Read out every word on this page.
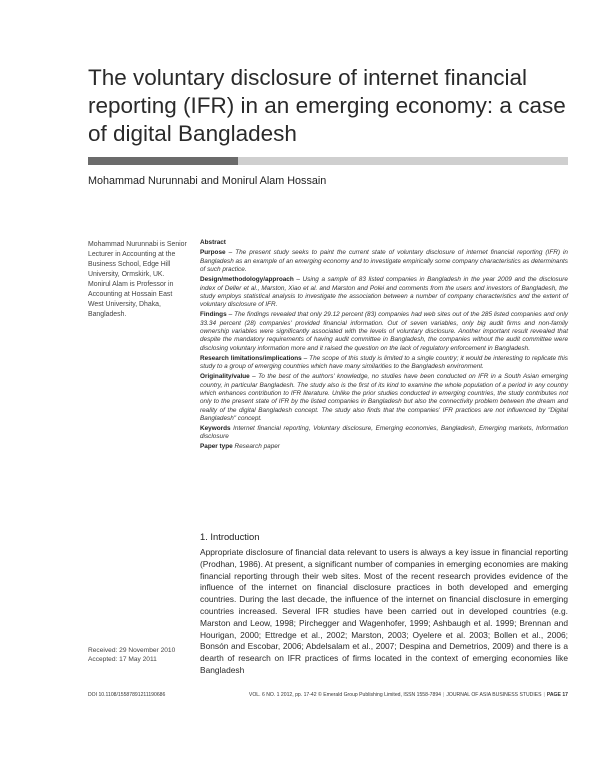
The voluntary disclosure of internet financial reporting (IFR) in an emerging economy: a case of digital Bangladesh
Mohammad Nurunnabi and Monirul Alam Hossain
Mohammad Nurunnabi is Senior Lecturer in Accounting at the Business School, Edge Hill University, Ormskirk, UK. Monirul Alam is Professor in Accounting at Hossain East West University, Dhaka, Bangladesh.
Received: 29 November 2010
Accepted: 17 May 2011
Abstract

Purpose – The present study seeks to paint the current state of voluntary disclosure of internet financial reporting (IFR) in Bangladesh as an example of an emerging economy and to investigate empirically some company characteristics as determinants of such practice.

Design/methodology/approach – Using a sample of 83 listed companies in Bangladesh in the year 2009 and the disclosure index of Deller et al., Marston, Xiao et al. and Marston and Polei and comments from the users and investors of Bangladesh, the study employs statistical analysis to investigate the association between a number of company characteristics and the extent of voluntary disclosure of IFR.

Findings – The findings revealed that only 29.12 percent (83) companies had web sites out of the 285 listed companies and only 33.34 percent (28) companies' provided financial information. Out of seven variables, only big audit firms and non-family ownership variables were significantly associated with the levels of voluntary disclosure. Another important result revealed that despite the mandatory requirements of having audit committee in Bangladesh, the companies without the audit committee were disclosing voluntary information more and it raised the question on the lack of regulatory enforcement in Bangladesh.

Research limitations/implications – The scope of this study is limited to a single country; it would be interesting to replicate this study to a group of emerging countries which have many similarities to the Bangladesh environment.

Originality/value – To the best of the authors' knowledge, no studies have been conducted on IFR in a South Asian emerging country, in particular Bangladesh. The study also is the first of its kind to examine the whole population of a period in any country which enhances contribution to IFR literature. Unlike the prior studies conducted in emerging countries, the study contributes not only to the present state of IFR by the listed companies in Bangladesh but also the connectivity problem between the dream and reality of the digital Bangladesh concept. The study also finds that the companies' IFR practices are not influenced by "Digital Bangladesh" concept.

Keywords Internet financial reporting, Voluntary disclosure, Emerging economies, Bangladesh, Emerging markets, Information disclosure

Paper type Research paper

1. Introduction
Appropriate disclosure of financial data relevant to users is always a key issue in financial reporting (Prodhan, 1986). At present, a significant number of companies in emerging economies are making financial reporting through their web sites. Most of the recent research provides evidence of the influence of the internet on financial disclosure practices in both developed and emerging countries. During the last decade, the influence of the internet on financial disclosure in emerging countries increased. Several IFR studies have been carried out in developed countries (e.g. Marston and Leow, 1998; Pirchegger and Wagenhofer, 1999; Ashbaugh et al. 1999; Brennan and Hourigan, 2000; Ettredge et al., 2002; Marston, 2003; Oyelere et al. 2003; Bollen et al., 2006; Bonsón and Escobar, 2006; Abdelsalam et al., 2007; Despina and Demetrios, 2009) and there is a dearth of research on IFR practices of firms located in the context of emerging economies like Bangladesh
DOI 10.1108/15587891211190686	VOL. 6 NO. 1 2012, pp. 17-42 © Emerald Group Publishing Limited, ISSN 1558-7894 | JOURNAL OF ASIA BUSINESS STUDIES | PAGE 17
